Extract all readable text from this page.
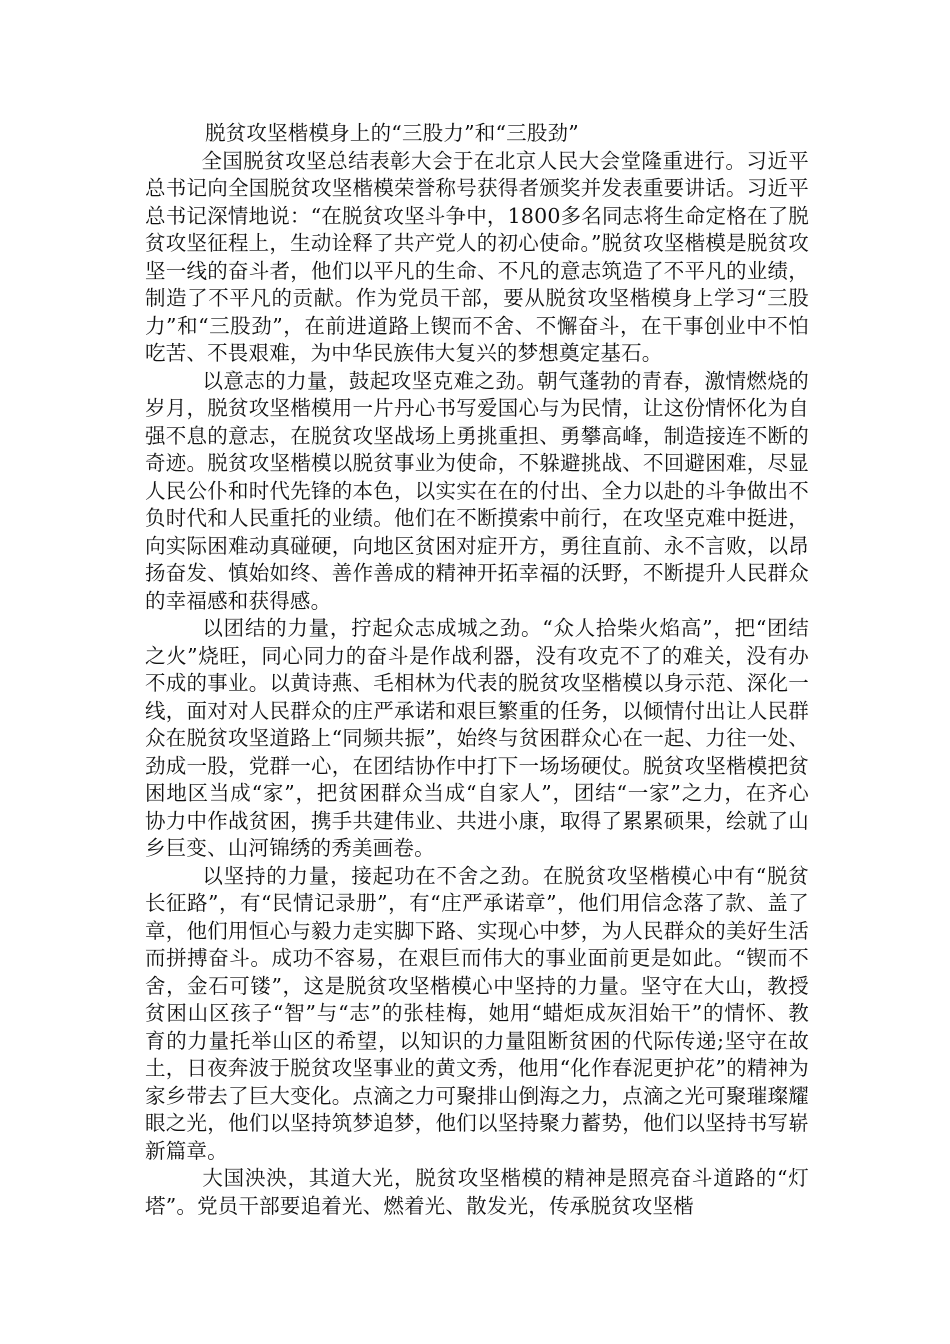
脱贫攻坚楷模身上的“三股力”和“三股劲”

全国脱贫攻坚总结表彰大会于在北京人民大会堂隆重进行。习近平总书记向全国脱贫攻坚楷模荣誉称号获得者颁奖并发表重要讲话。习近平总书记深情地说：“在脱贫攻坚斗争中，1800多名同志将生命定格在了脱贫攻坚征程上，生动诠释了共产党人的初心使命。”脱贫攻坚楷模是脱贫攻坚一线的奋斗者，他们以平凡的生命、不凡的意志筑造了不平凡的业绩，制造了不平凡的贡献。作为党员干部，要从脱贫攻坚楷模身上学习“三股力”和“三股劲”，在前进道路上锲而不舍、不懈奋斗，在干事创业中不怕吃苦、不畏艰难，为中华民族伟大复兴的梦想奠定基石。

以意志的力量，鼓起攻坚克难之劲。朝气蓬勃的青春，激情燃烧的岁月，脱贫攻坚楷模用一片丹心书写爱国心与为民情，让这份情怀化为自强不息的意志，在脱贫攻坚战场上勇挑重担、勇攀高峰，制造接连不断的奇迹。脱贫攻坚楷模以脱贫事业为使命，不躲避挑战、不回避困难，尽显人民公仆和时代先锋的本色，以实实在在的付出、全力以赴的斗争做出不负时代和人民重托的业绩。他们在不断摸索中前行，在攻坚克难中挺进，向实际困难动真碰硬，向地区贫困对症开方，勇往直前、永不言败，以昂扬奋发、慎始如终、善作善成的精神开拓幸福的沃野，不断提升人民群众的幸福感和获得感。

以团结的力量，拧起众志成城之劲。“众人拾柴火焰高”，把“团结之火”烧旺，同心同力的奋斗是作战利器，没有攻克不了的难关，没有办不成的事业。以黄诗燕、毛相林为代表的脱贫攻坚楷模以身示范、深化一线，面对对人民群众的庄严承诺和艰巨繁重的任务，以倾情付出让人民群众在脱贫攻坚道路上“同频共振”，始终与贫困群众心在一起、力往一处、劲成一股，党群一心，在团结协作中打下一场场硬仗。脱贫攻坚楷模把贫困地区当成“家”，把贫困群众当成“自家人”，团结“一家”之力，在齐心协力中作战贫困，携手共建伟业、共进小康，取得了累累硕果，绘就了山乡巨变、山河锦绣的秀美画卷。

以坚持的力量，接起功在不舍之劲。在脱贫攻坚楷模心中有“脱贫长征路”，有“民情记录册”，有“庄严承诺章”，他们用信念落了款、盖了章，他们用恒心与毅力走实脚下路、实现心中梦，为人民群众的美好生活而拼搏奋斗。成功不容易，在艰巨而伟大的事业面前更是如此。“锲而不舍，金石可镂”，这是脱贫攻坚楷模心中坚持的力量。坚守在大山，教授贫困山区孩子“智”与“志”的张桂梅，她用“蜡炬成灰泪始干”的情怀、教育的力量托举山区的希望，以知识的力量阻断贫困的代际传递;坚守在故土，日夜奔波于脱贫攻坚事业的黄文秀，他用“化作春泥更护花”的精神为家乡带去了巨大变化。点滴之力可聚排山倒海之力，点滴之光可聚璀璨耀眼之光，他们以坚持筑梦追梦，他们以坚持聚力蓄势，他们以坚持书写崭新篇章。

大国泱泱，其道大光，脱贫攻坚楷模的精神是照亮奋斗道路的“灯塔”。党员干部要追着光、燃着光、散发光，传承脱贫攻坚楷
